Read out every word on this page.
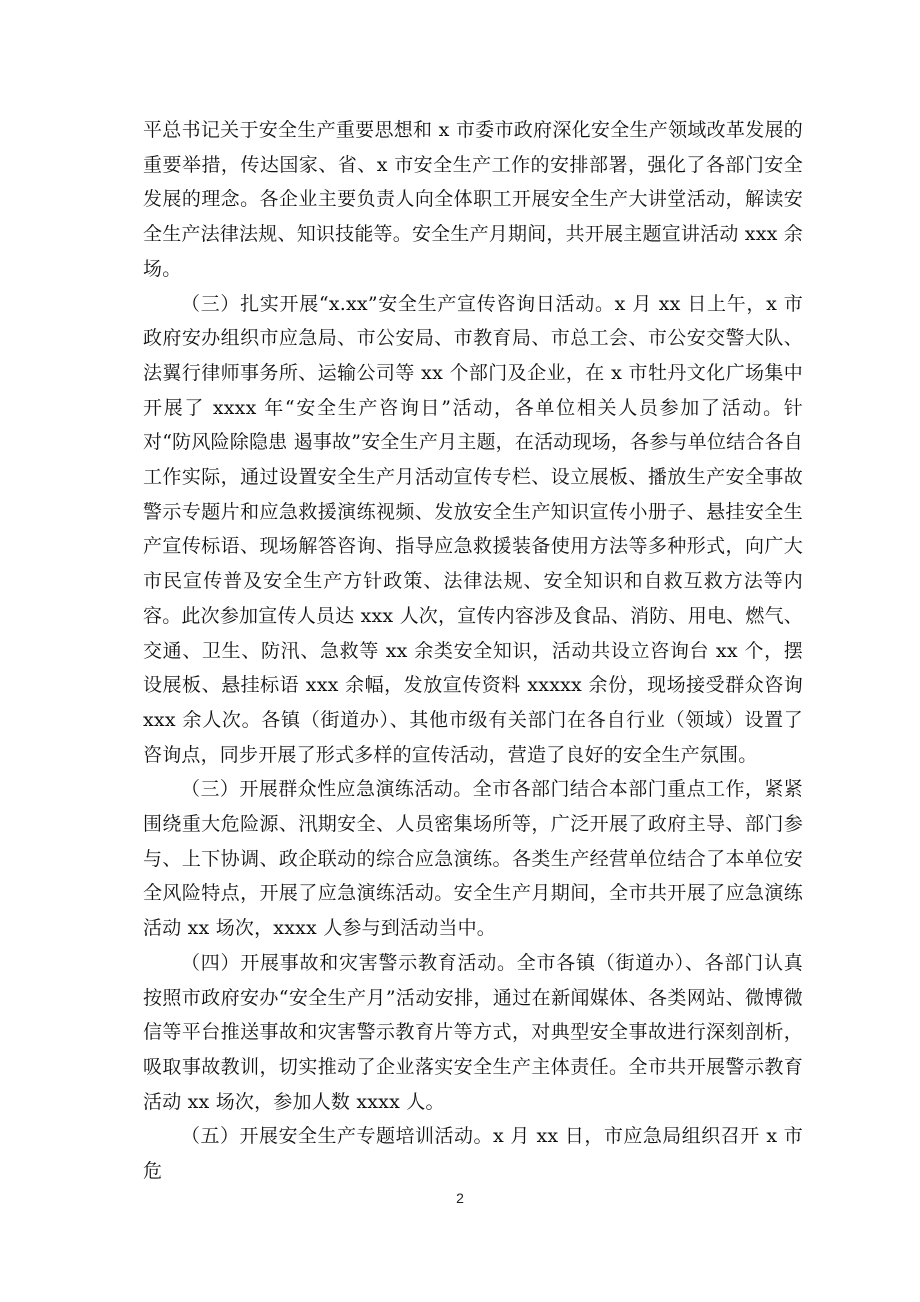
平总书记关于安全生产重要思想和 x 市委市政府深化安全生产领域改革发展的重要举措，传达国家、省、x 市安全生产工作的安排部署，强化了各部门安全发展的理念。各企业主要负责人向全体职工开展安全生产大讲堂活动，解读安全生产法律法规、知识技能等。安全生产月期间，共开展主题宣讲活动 xxx 余场。

（三）扎实开展“x.xx”安全生产宣传咨询日活动。x 月 xx 日上午，x 市政府安办组织市应急局、市公安局、市教育局、市总工会、市公安交警大队、法翼行律师事务所、运输公司等 xx 个部门及企业，在 x 市牡丹文化广场集中开展了 xxxx 年“安全生产咨询日”活动，各单位相关人员参加了活动。针对“防风险除隐患 遏事故”安全生产月主题，在活动现场，各参与单位结合各自工作实际，通过设置安全生产月活动宣传专栏、设立展板、播放生产安全事故警示专题片和应急救援演练视频、发放安全生产知识宣传小册子、悬挂安全生产宣传标语、现场解答咨询、指导应急救援装备使用方法等多种形式，向广大市民宣传普及安全生产方针政策、法律法规、安全知识和自救互救方法等内容。此次参加宣传人员达 xxx 人次，宣传内容涉及食品、消防、用电、燃气、交通、卫生、防汛、急救等 xx 余类安全知识，活动共设立咨询台 xx 个，摆设展板、悬挂标语 xxx 余幅，发放宣传资料 xxxxx 余份，现场接受群众咨询 xxx 余人次。各镇（街道办）、其他市级有关部门在各自行业（领域）设置了咨询点，同步开展了形式多样的宣传活动，营造了良好的安全生产氛围。

（三）开展群众性应急演练活动。全市各部门结合本部门重点工作，紧紧围绕重大危险源、汛期安全、人员密集场所等，广泛开展了政府主导、部门参与、上下协调、政企联动的综合应急演练。各类生产经营单位结合了本单位安全风险特点，开展了应急演练活动。安全生产月期间，全市共开展了应急演练活动 xx 场次，xxxx 人参与到活动当中。

（四）开展事故和灾害警示教育活动。全市各镇（街道办）、各部门认真按照市政府安办“安全生产月”活动安排，通过在新闻媒体、各类网站、微博微信等平台推送事故和灾害警示教育片等方式，对典型安全事故进行深刻剖析，吸取事故教训，切实推动了企业落实安全生产主体责任。全市共开展警示教育活动 xx 场次，参加人数 xxxx 人。

（五）开展安全生产专题培训活动。x 月 xx 日，市应急局组织召开 x 市危

2
